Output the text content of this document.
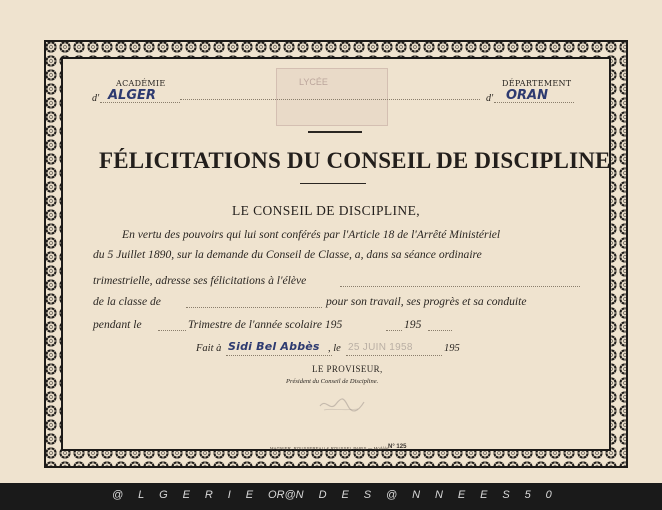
LYCÉE
ACADÉMIE
d' ALGER
DÉPARTEMENT
d' ORAN
FÉLICITATIONS DU CONSEIL DE DISCIPLINE
LE CONSEIL DE DISCIPLINE,
En vertu des pouvoirs qui lui sont conférés par l'Article 18 de l'Arrêté Ministériel
du 5 Juillet 1890, sur la demande du Conseil de Classe, a, dans sa séance ordinaire
trimestrielle, adresse ses félicitations à l'élève
de la classe de	pour son travail, ses progrès et sa conduite
pendant le	Trimestre de l'année scolaire 195	195
Fait à Sidi Bel Abbès , le 25 JUIN 1958	195
LE PROVISEUR,
Président du Conseil de Discipline.
MAGNIER, ROUSSEREAU & ROUSSEL PARIS — Modèle N° 125
@ L G E R I E OR@N D E S @ N N E E S 5 0
